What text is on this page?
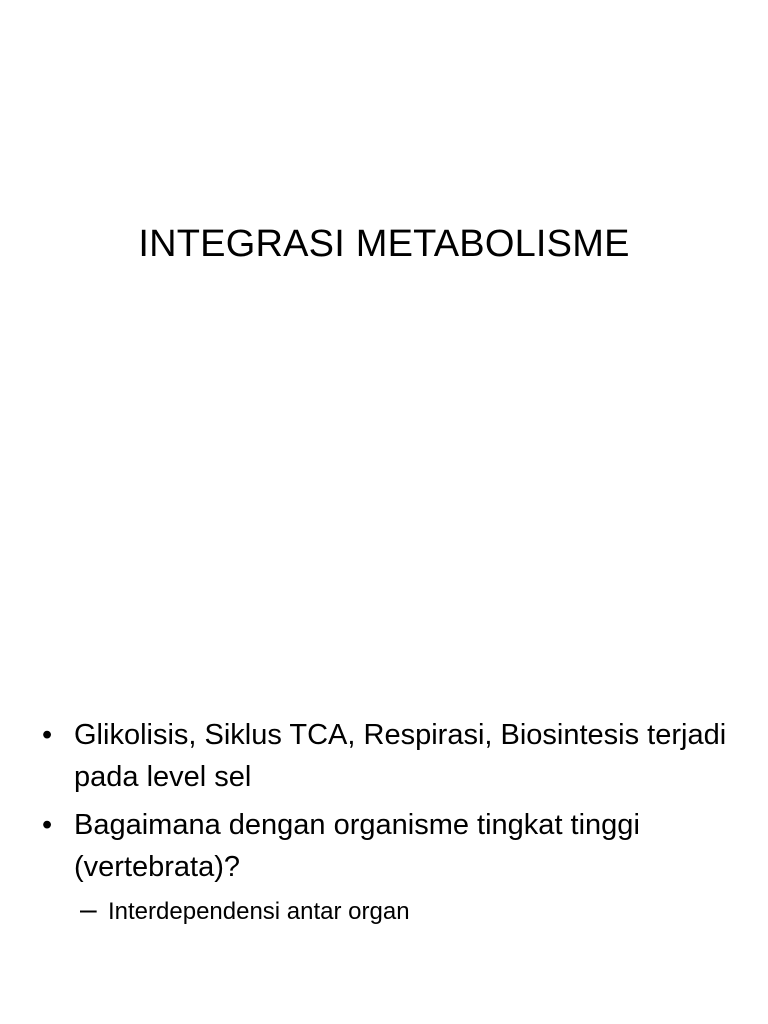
INTEGRASI METABOLISME
• Glikolisis, Siklus TCA, Respirasi, Biosintesis terjadi pada level sel
• Bagaimana dengan organisme tingkat tinggi (vertebrata)?
– Interdependensi antar organ
